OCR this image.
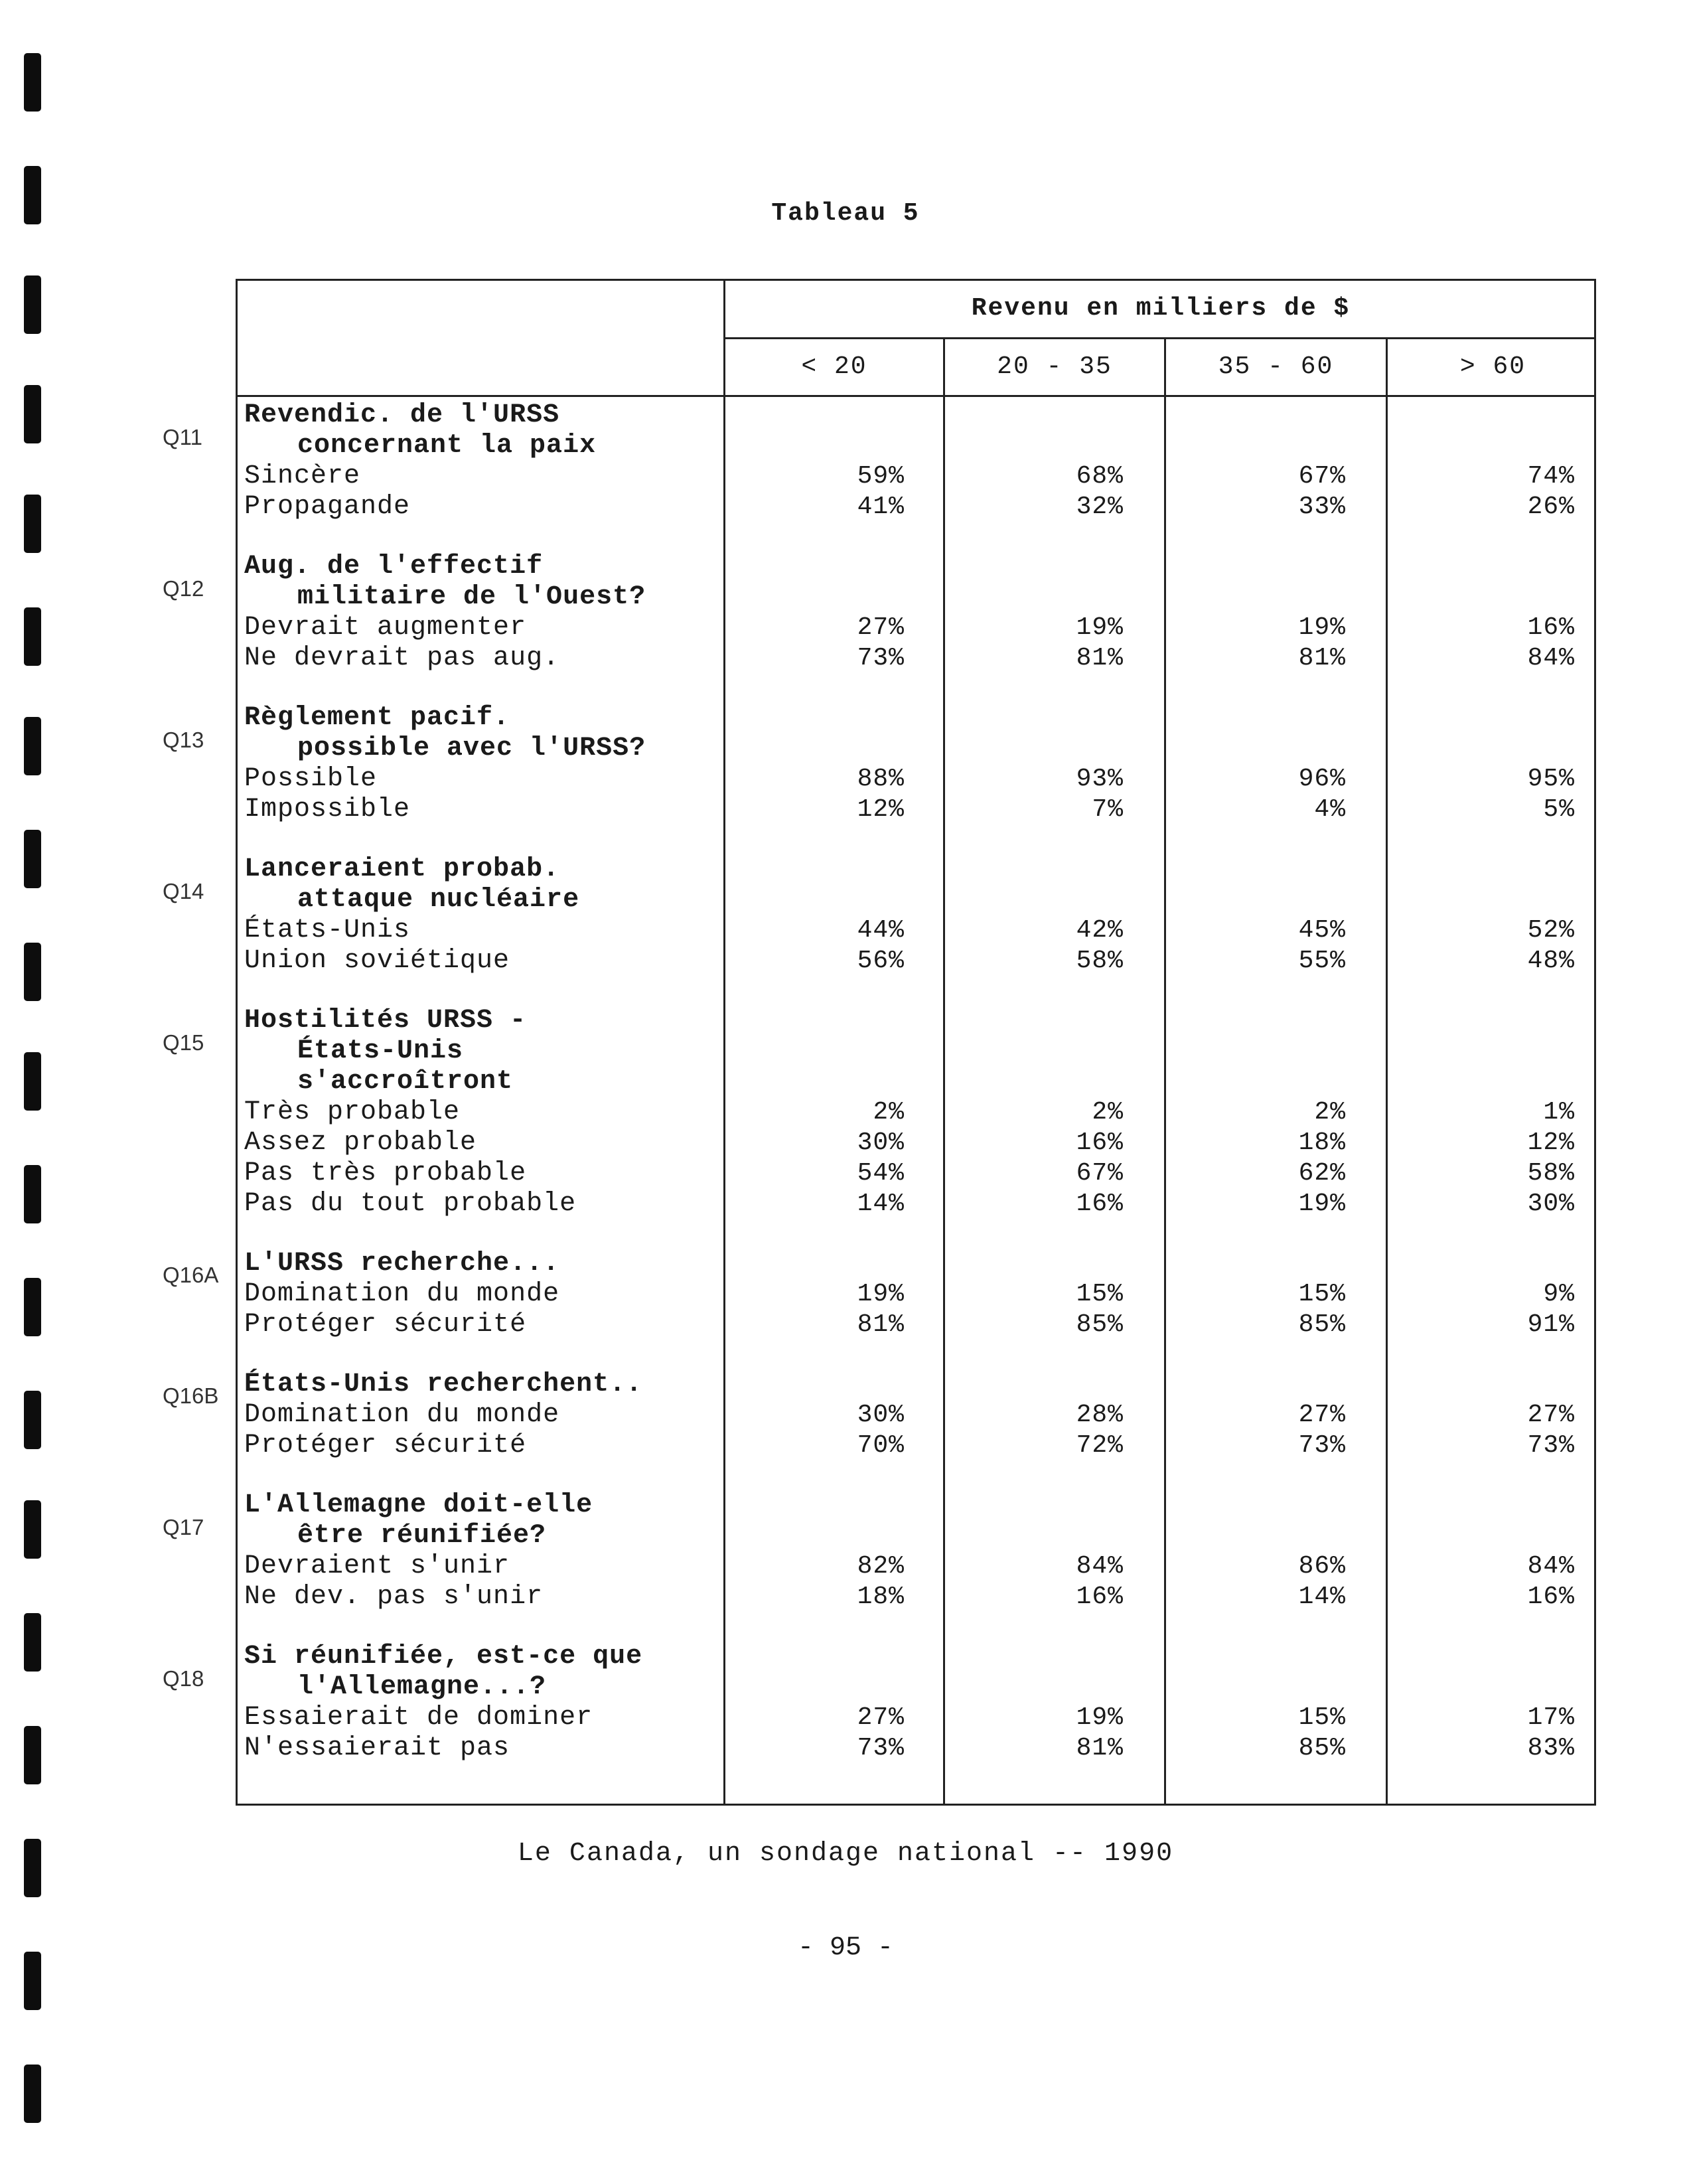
Tableau 5
Revenu en milliers de $
< 20	20 - 35	35 - 60	> 60
Revendic. de l'URSS
concernant la paix
Sincère	59%	68%	67%	74%
Propagande	41%	32%	33%	26%
Aug. de l'effectif
militaire de l'Ouest?
Devrait augmenter	27%	19%	19%	16%
Ne devrait pas aug.	73%	81%	81%	84%
Règlement pacif.
possible avec l'URSS?
Possible	88%	93%	96%	95%
Impossible	12%	7%	4%	5%
Lanceraient probab.
attaque nucléaire
États-Unis	44%	42%	45%	52%
Union soviétique	56%	58%	55%	48%
Hostilités URSS -
États-Unis
s'accroîtront
Très probable	2%	2%	2%	1%
Assez probable	30%	16%	18%	12%
Pas très probable	54%	67%	62%	58%
Pas du tout probable	14%	16%	19%	30%
L'URSS recherche...
Domination du monde	19%	15%	15%	9%
Protéger sécurité	81%	85%	85%	91%
États-Unis recherchent..
Domination du monde	30%	28%	27%	27%
Protéger sécurité	70%	72%	73%	73%
L'Allemagne doit-elle
être réunifiée?
Devraient s'unir	82%	84%	86%	84%
Ne dev. pas s'unir	18%	16%	14%	16%
Si réunifiée, est-ce que
l'Allemagne...?
Essaierait de dominer	27%	19%	15%	17%
N'essaierait pas	73%	81%	85%	83%
Q11
Q12
Q13
Q14
Q15
Q16A
Q16B
Q17
Q18
Le Canada, un sondage national -- 1990
- 95 -
